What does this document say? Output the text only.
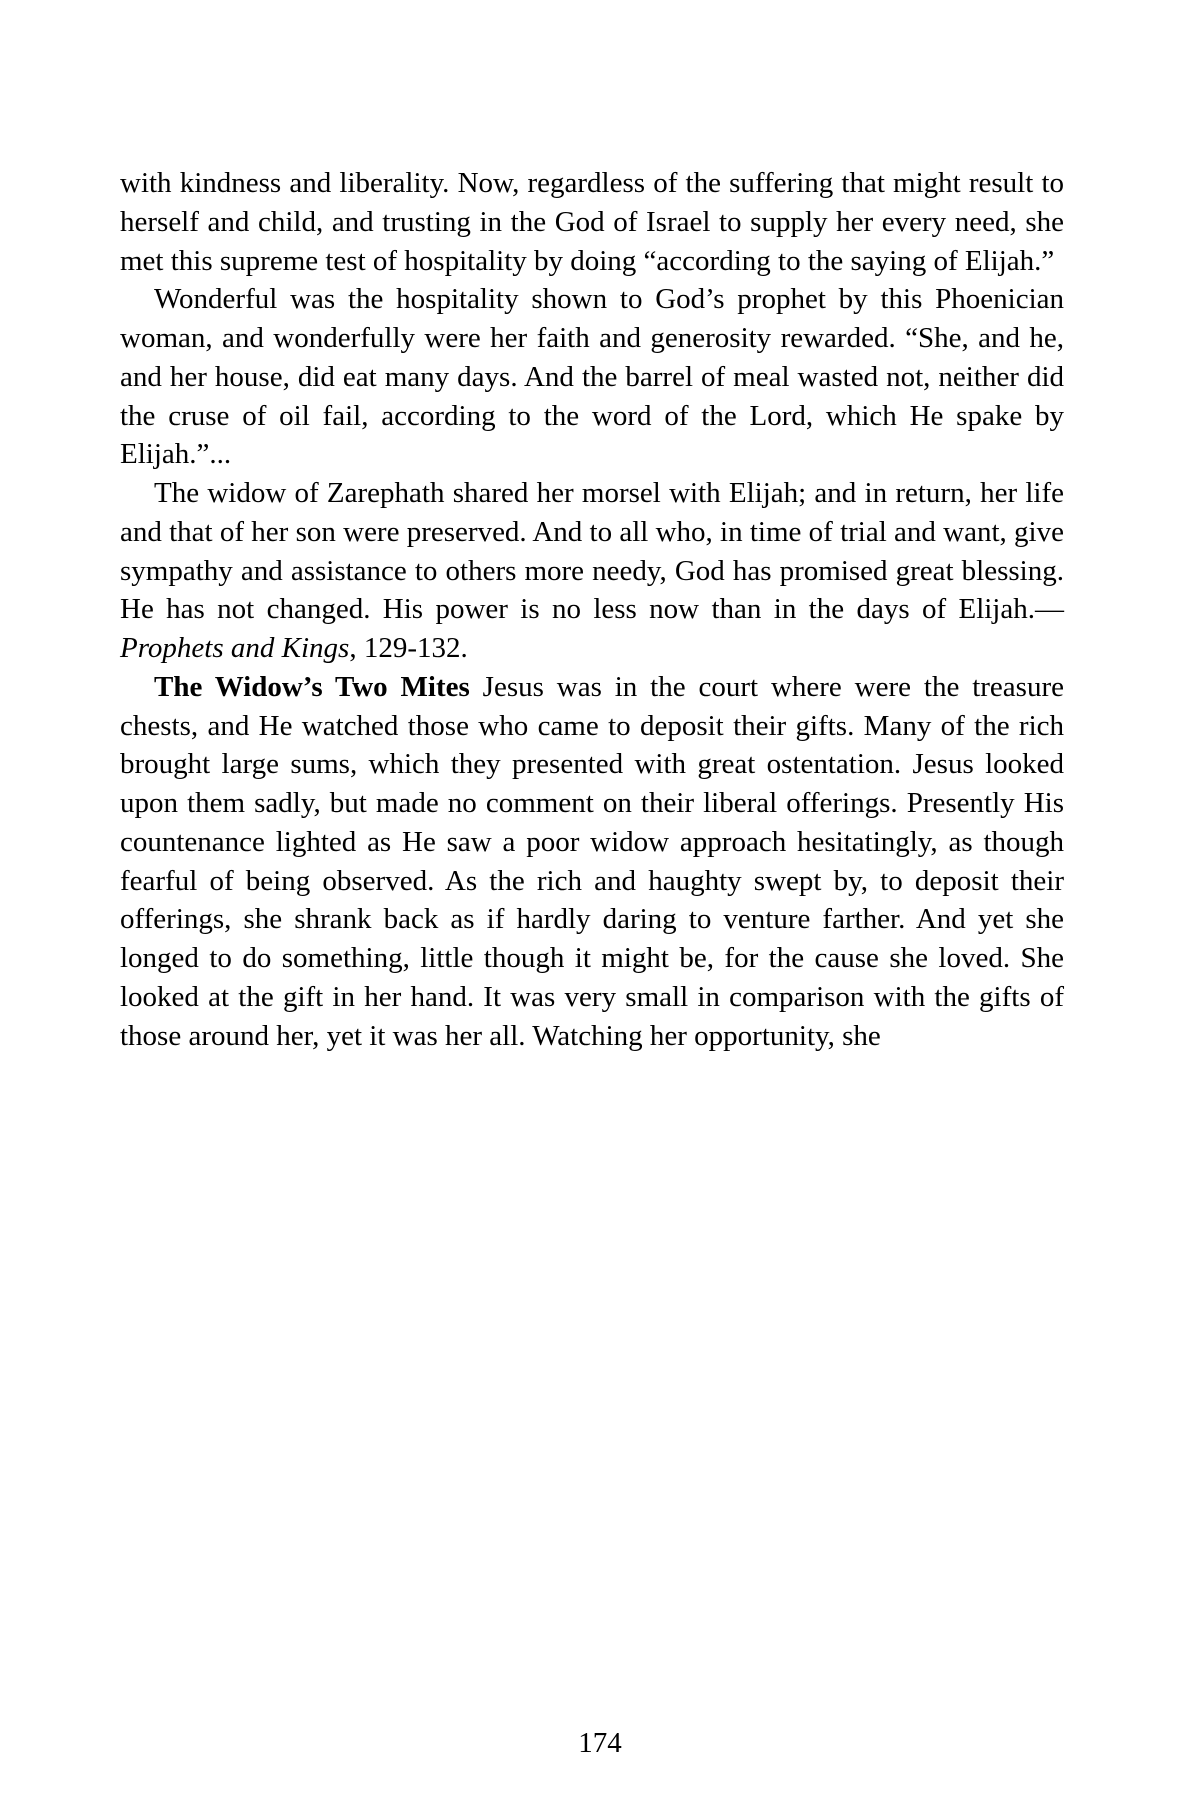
with kindness and liberality. Now, regardless of the suffering that might result to herself and child, and trusting in the God of Israel to supply her every need, she met this supreme test of hospitality by doing “according to the saying of Elijah.”

Wonderful was the hospitality shown to God’s prophet by this Phoenician woman, and wonderfully were her faith and generosity rewarded. “She, and he, and her house, did eat many days. And the barrel of meal wasted not, neither did the cruse of oil fail, according to the word of the Lord, which He spake by Elijah.”...

The widow of Zarephath shared her morsel with Elijah; and in return, her life and that of her son were preserved. And to all who, in time of trial and want, give sympathy and assistance to others more needy, God has promised great blessing. He has not changed. His power is no less now than in the days of Elijah.—Prophets and Kings, 129-132.

The Widow’s Two Mites Jesus was in the court where were the treasure chests, and He watched those who came to deposit their gifts. Many of the rich brought large sums, which they presented with great ostentation. Jesus looked upon them sadly, but made no comment on their liberal offerings. Presently His countenance lighted as He saw a poor widow approach hesitatingly, as though fearful of being observed. As the rich and haughty swept by, to deposit their offerings, she shrank back as if hardly daring to venture farther. And yet she longed to do something, little though it might be, for the cause she loved. She looked at the gift in her hand. It was very small in comparison with the gifts of those around her, yet it was her all. Watching her opportunity, she

174
